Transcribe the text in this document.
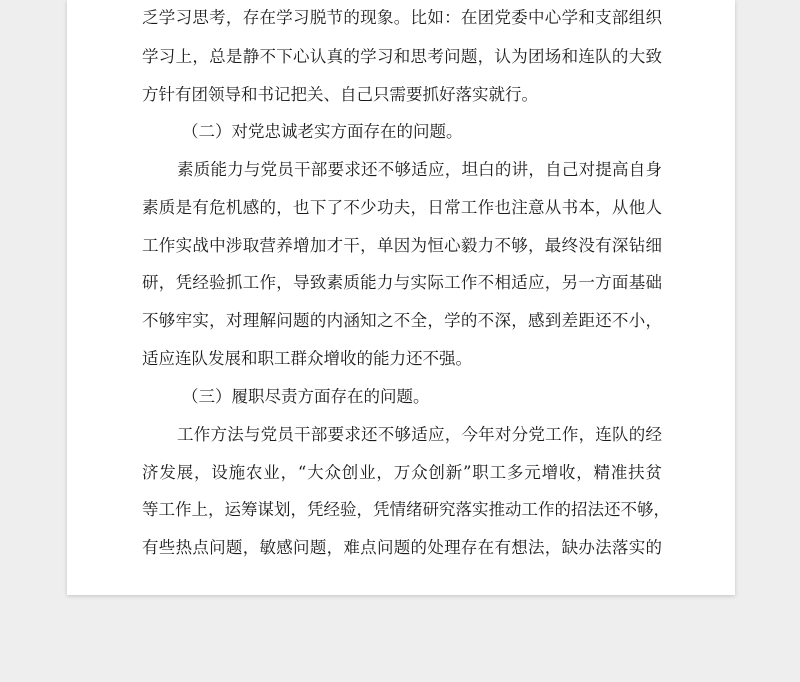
乏学习思考，存在学习脱节的现象。比如：在团党委中心学和支部组织
学习上，总是静不下心认真的学习和思考问题，认为团场和连队的大致
方针有团领导和书记把关、自己只需要抓好落实就行。
（二）对党忠诚老实方面存在的问题。
素质能力与党员干部要求还不够适应，坦白的讲，自己对提高自身
素质是有危机感的，也下了不少功夫，日常工作也注意从书本，从他人
工作实战中涉取营养增加才干，单因为恒心毅力不够，最终没有深钻细
研，凭经验抓工作，导致素质能力与实际工作不相适应，另一方面基础
不够牢实，对理解问题的内涵知之不全，学的不深，感到差距还不小，
适应连队发展和职工群众增收的能力还不强。
（三）履职尽责方面存在的问题。
工作方法与党员干部要求还不够适应，今年对分党工作，连队的经
济发展，设施农业，“大众创业，万众创新”职工多元增收，精准扶贫
等工作上，运筹谋划，凭经验，凭情绪研究落实推动工作的招法还不够，
有些热点问题，敏感问题，难点问题的处理存在有想法，缺办法落实的
